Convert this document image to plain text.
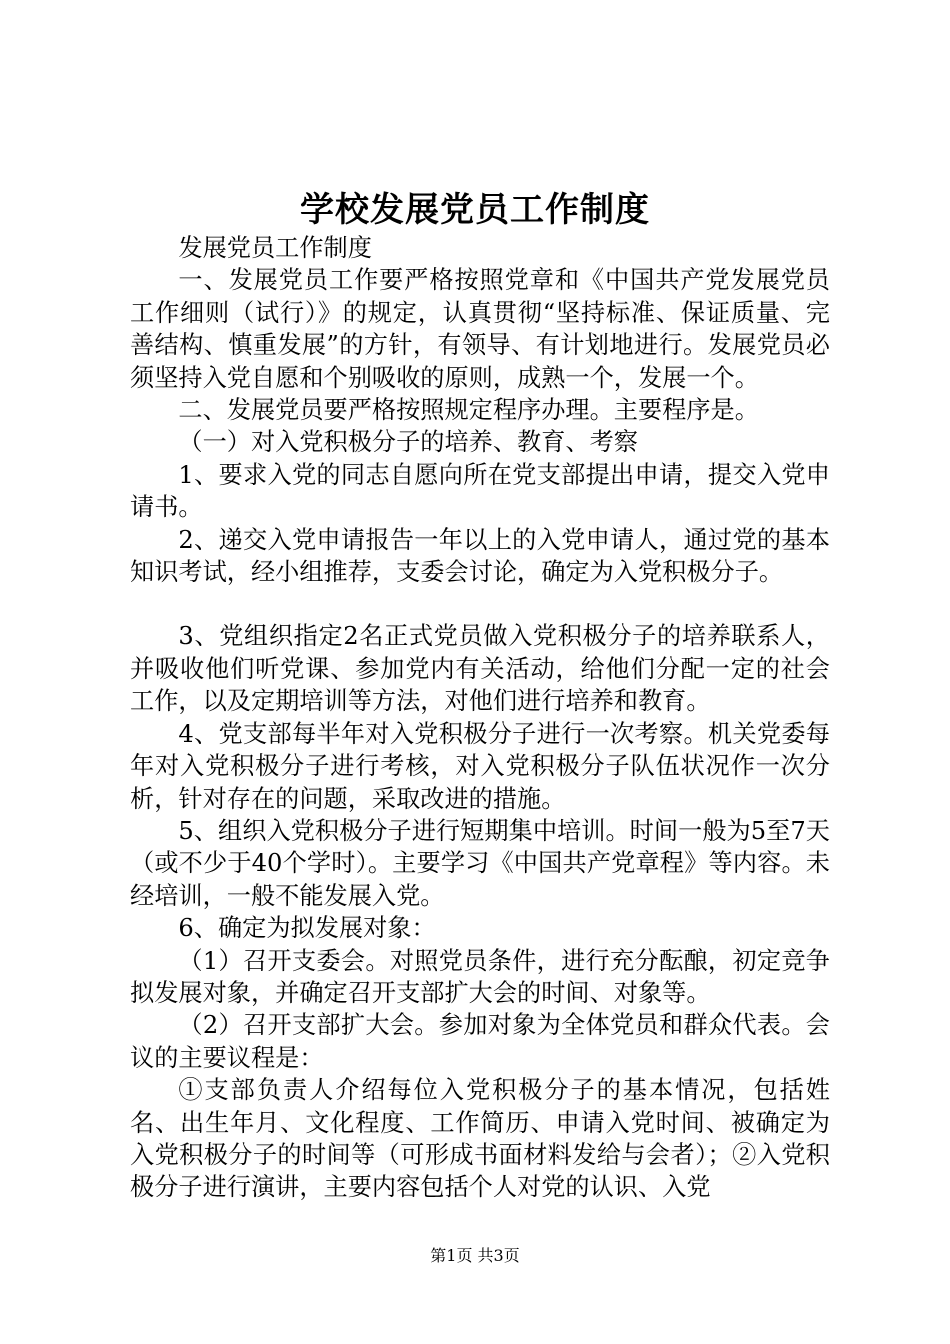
学校发展党员工作制度

发展党员工作制度

一、发展党员工作要严格按照党章和《中国共产党发展党员工作细则（试行）》的规定，认真贯彻“坚持标准、保证质量、完善结构、慎重发展”的方针，有领导、有计划地进行。发展党员必须坚持入党自愿和个别吸收的原则，成熟一个，发展一个。

二、发展党员要严格按照规定程序办理。主要程序是。

（一）对入党积极分子的培养、教育、考察

1、要求入党的同志自愿向所在党支部提出申请，提交入党申请书。

2、递交入党申请报告一年以上的入党申请人，通过党的基本知识考试，经小组推荐，支委会讨论，确定为入党积极分子。

3、党组织指定2名正式党员做入党积极分子的培养联系人，并吸收他们听党课、参加党内有关活动，给他们分配一定的社会工作，以及定期培训等方法，对他们进行培养和教育。

4、党支部每半年对入党积极分子进行一次考察。机关党委每年对入党积极分子进行考核，对入党积极分子队伍状况作一次分析，针对存在的问题，采取改进的措施。

5、组织入党积极分子进行短期集中培训。时间一般为5至7天（或不少于40个学时）。主要学习《中国共产党章程》等内容。未经培训，一般不能发展入党。

6、确定为拟发展对象：

（1）召开支委会。对照党员条件，进行充分酝酿，初定竞争拟发展对象，并确定召开支部扩大会的时间、对象等。

（2）召开支部扩大会。参加对象为全体党员和群众代表。会议的主要议程是：

①支部负责人介绍每位入党积极分子的基本情况，包括姓名、出生年月、文化程度、工作简历、申请入党时间、被确定为入党积极分子的时间等（可形成书面材料发给与会者）；②入党积极分子进行演讲，主要内容包括个人对党的认识、入党

第1页 共3页
